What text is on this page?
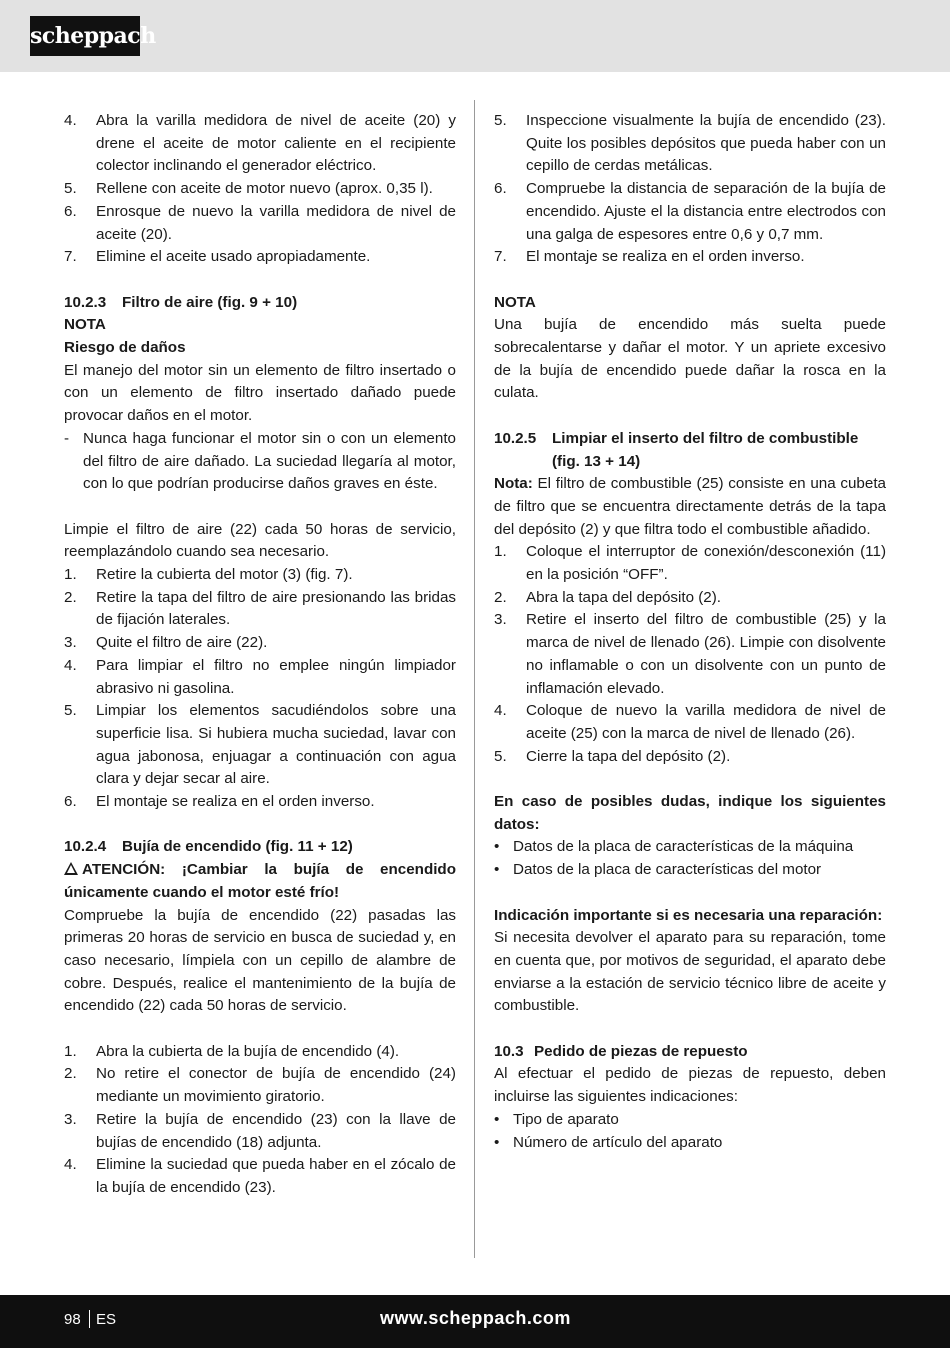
scheppach
4.	Abra la varilla medidora de nivel de aceite (20) y drene el aceite de motor caliente en el recipiente colector inclinando el generador eléctrico.
5.	Rellene con aceite de motor nuevo (aprox. 0,35 l).
6.	Enrosque de nuevo la varilla medidora de nivel de aceite (20).
7.	Elimine el aceite usado apropiadamente.
10.2.3	Filtro de aire (fig. 9 + 10)

NOTA

Riesgo de daños

El manejo del motor sin un elemento de filtro insertado o con un elemento de filtro insertado dañado puede provocar daños en el motor.

- Nunca haga funcionar el motor sin o con un elemento del filtro de aire dañado. La suciedad llegaría al motor, con lo que podrían producirse daños graves en éste.

Limpie el filtro de aire (22) cada 50 horas de servicio, reemplazándolo cuando sea necesario.

1.	Retire la cubierta del motor (3) (fig. 7).
2.	Retire la tapa del filtro de aire presionando las bridas de fijación laterales.
3.	Quite el filtro de aire (22).
4.	Para limpiar el filtro no emplee ningún limpiador abrasivo ni gasolina.
5.	Limpiar los elementos sacudiéndolos sobre una superficie lisa. Si hubiera mucha suciedad, lavar con agua jabonosa, enjuagar a continuación con agua clara y dejar secar al aire.
6.	El montaje se realiza en el orden inverso.
10.2.4	Bujía de encendido (fig. 11 + 12)

ATENCIÓN: ¡Cambiar la bujía de encendido únicamente cuando el motor esté frío!

Compruebe la bujía de encendido (22) pasadas las primeras 20 horas de servicio en busca de suciedad y, en caso necesario, límpiela con un cepillo de alambre de cobre. Después, realice el mantenimiento de la bujía de encendido (22) cada 50 horas de servicio.

1.	Abra la cubierta de la bujía de encendido (4).
2.	No retire el conector de bujía de encendido (24) mediante un movimiento giratorio.
3.	Retire la bujía de encendido (23) con la llave de bujías de encendido (18) adjunta.
4.	Elimine la suciedad que pueda haber en el zócalo de la bujía de encendido (23).
5.	Inspeccione visualmente la bujía de encendido (23). Quite los posibles depósitos que pueda haber con un cepillo de cerdas metálicas.
6.	Compruebe la distancia de separación de la bujía de encendido. Ajuste el la distancia entre electrodos con una galga de espesores entre 0,6 y 0,7 mm.
7.	El montaje se realiza en el orden inverso.

NOTA

Una bujía de encendido más suelta puede sobrecalentarse y dañar el motor. Y un apriete excesivo de la bujía de encendido puede dañar la rosca en la culata.

10.2.5	Limpiar el inserto del filtro de combustible (fig. 13 + 14)

Nota: El filtro de combustible (25) consiste en una cubeta de filtro que se encuentra directamente detrás de la tapa del depósito (2) y que filtra todo el combustible añadido.

1.	Coloque el interruptor de conexión/desconexión (11) en la posición “OFF”.
2.	Abra la tapa del depósito (2).
3.	Retire el inserto del filtro de combustible (25) y la marca de nivel de llenado (26). Limpie con disolvente no inflamable o con un disolvente con un punto de inflamación elevado.
4.	Coloque de nuevo la varilla medidora de nivel de aceite (25) con la marca de nivel de llenado (26).
5.	Cierre la tapa del depósito (2).

En caso de posibles dudas, indique los siguientes datos:

• Datos de la placa de características de la máquina
• Datos de la placa de características del motor

Indicación importante si es necesaria una reparación:

Si necesita devolver el aparato para su reparación, tome en cuenta que, por motivos de seguridad, el aparato debe enviarse a la estación de servicio técnico libre de aceite y combustible.

10.3 Pedido de piezas de repuesto

Al efectuar el pedido de piezas de repuesto, deben incluirse las siguientes indicaciones:

• Tipo de aparato
• Número de artículo del aparato
98 ES	www.scheppach.com
